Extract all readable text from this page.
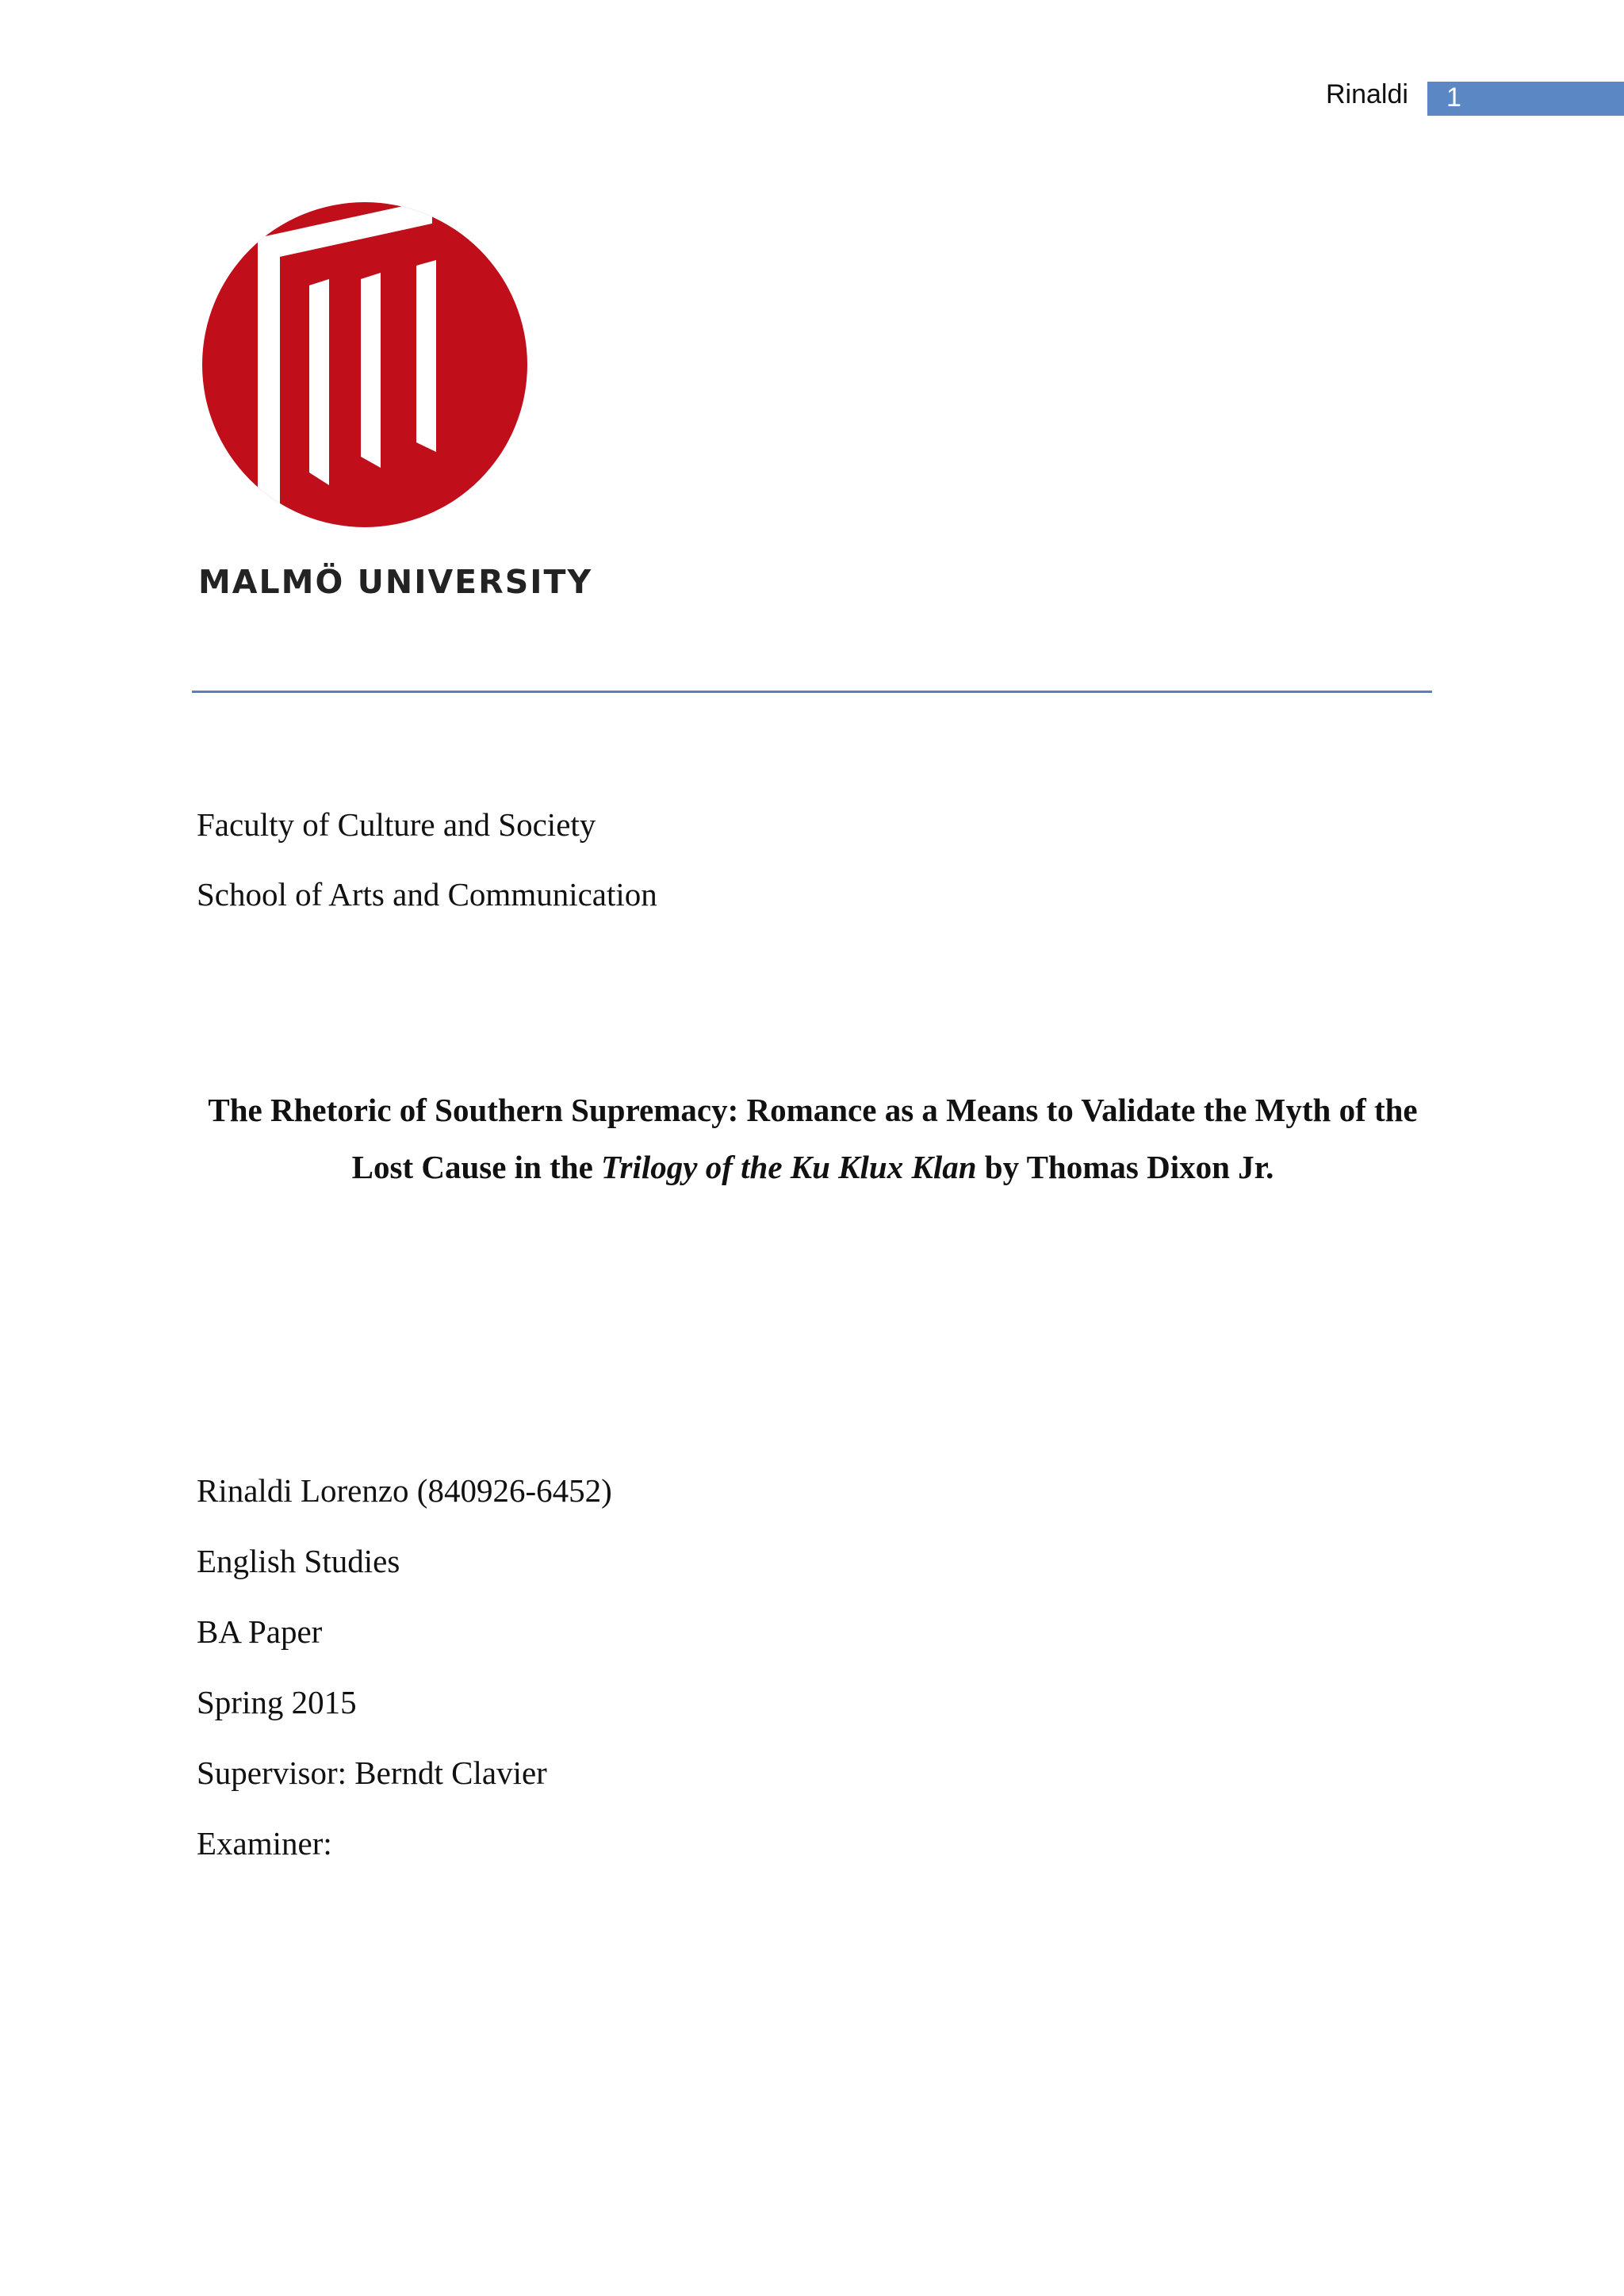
Rinaldi 1
MALMÖ UNIVERSITY
Faculty of Culture and Society
School of Arts and Communication
The Rhetoric of Southern Supremacy: Romance as a Means to Validate the Myth of the Lost Cause in the Trilogy of the Ku Klux Klan by Thomas Dixon Jr.
Rinaldi Lorenzo (840926-6452)
English Studies
BA Paper
Spring 2015
Supervisor: Berndt Clavier
Examiner:
